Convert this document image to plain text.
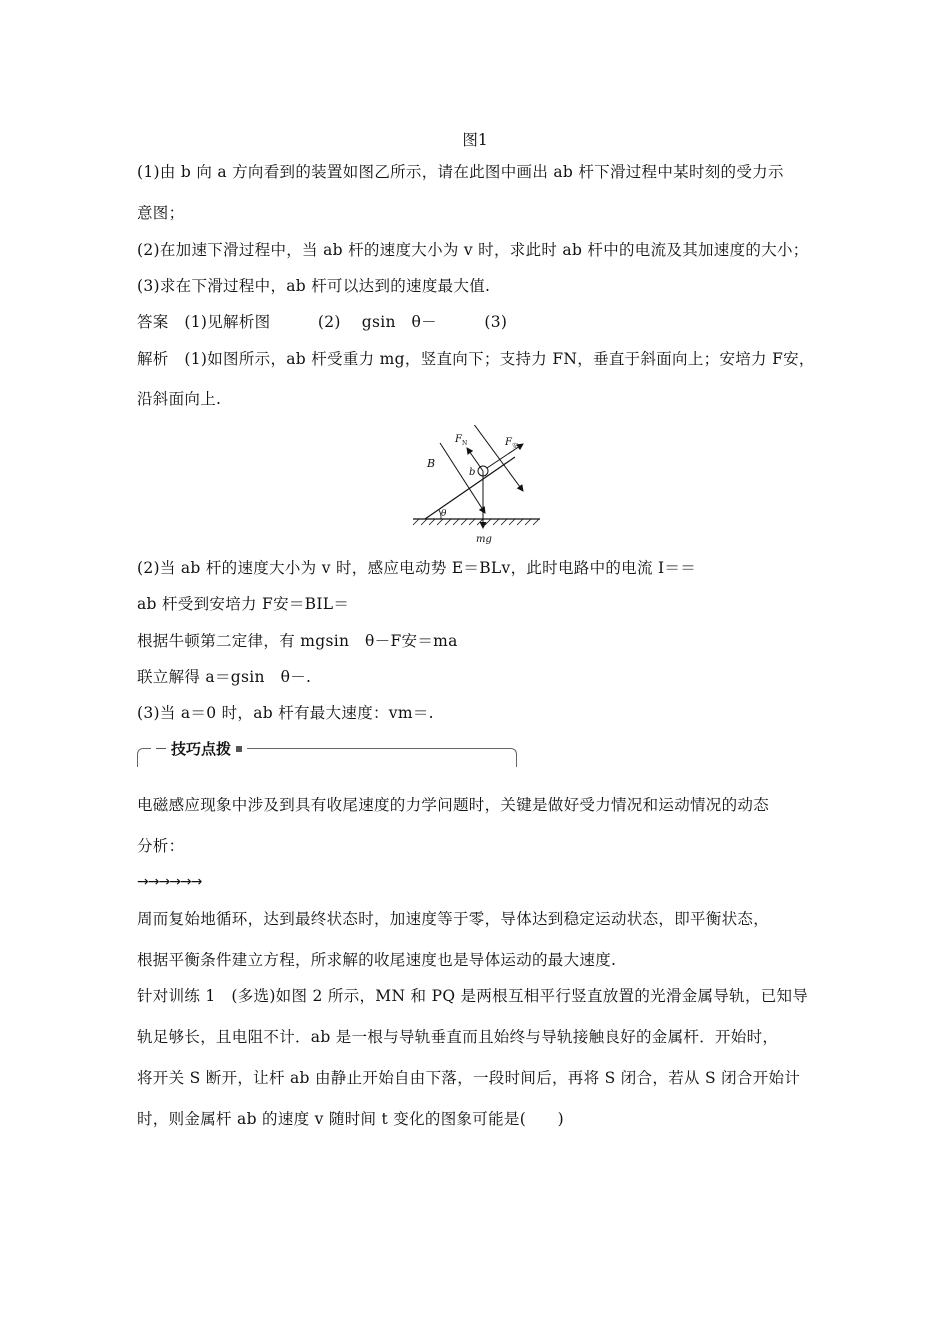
图1
(1)由 b 向 a 方向看到的装置如图乙所示，请在此图中画出 ab 杆下滑过程中某时刻的受力示
意图；
(2)在加速下滑过程中，当 ab 杆的速度大小为 v 时，求此时 ab 杆中的电流及其加速度的大小；
(3)求在下滑过程中，ab 杆可以达到的速度最大值.
答案　(1)见解析图　　　(2)　 gsin　θ－　　　(3)
解析　(1)如图所示，ab 杆受重力 mg，竖直向下；支持力 FN，垂直于斜面向上；安培力 F安，
沿斜面向上.
B
$F_N$	$F_安$
b
θ
mg
(2)当 ab 杆的速度大小为 v 时，感应电动势 E＝BLv，此时电路中的电流 I＝＝
ab 杆受到安培力 F安＝BIL＝
根据牛顿第二定律，有 mgsin　θ－F安＝ma
联立解得 a＝gsin　θ－.
(3)当 a＝0 时，ab 杆有最大速度：vm＝.
技巧点拨
电磁感应现象中涉及到具有收尾速度的力学问题时，关键是做好受力情况和运动情况的动态
分析：
→→→→→→
周而复始地循环，达到最终状态时，加速度等于零，导体达到稳定运动状态，即平衡状态，
根据平衡条件建立方程，所求解的收尾速度也是导体运动的最大速度.
针对训练 1　(多选)如图 2 所示，MN 和 PQ 是两根互相平行竖直放置的光滑金属导轨，已知导
轨足够长，且电阻不计．ab 是一根与导轨垂直而且始终与导轨接触良好的金属杆．开始时，
将开关 S 断开，让杆 ab 由静止开始自由下落，一段时间后，再将 S 闭合，若从 S 闭合开始计
时，则金属杆 ab 的速度 v 随时间 t 变化的图象可能是(　　)
